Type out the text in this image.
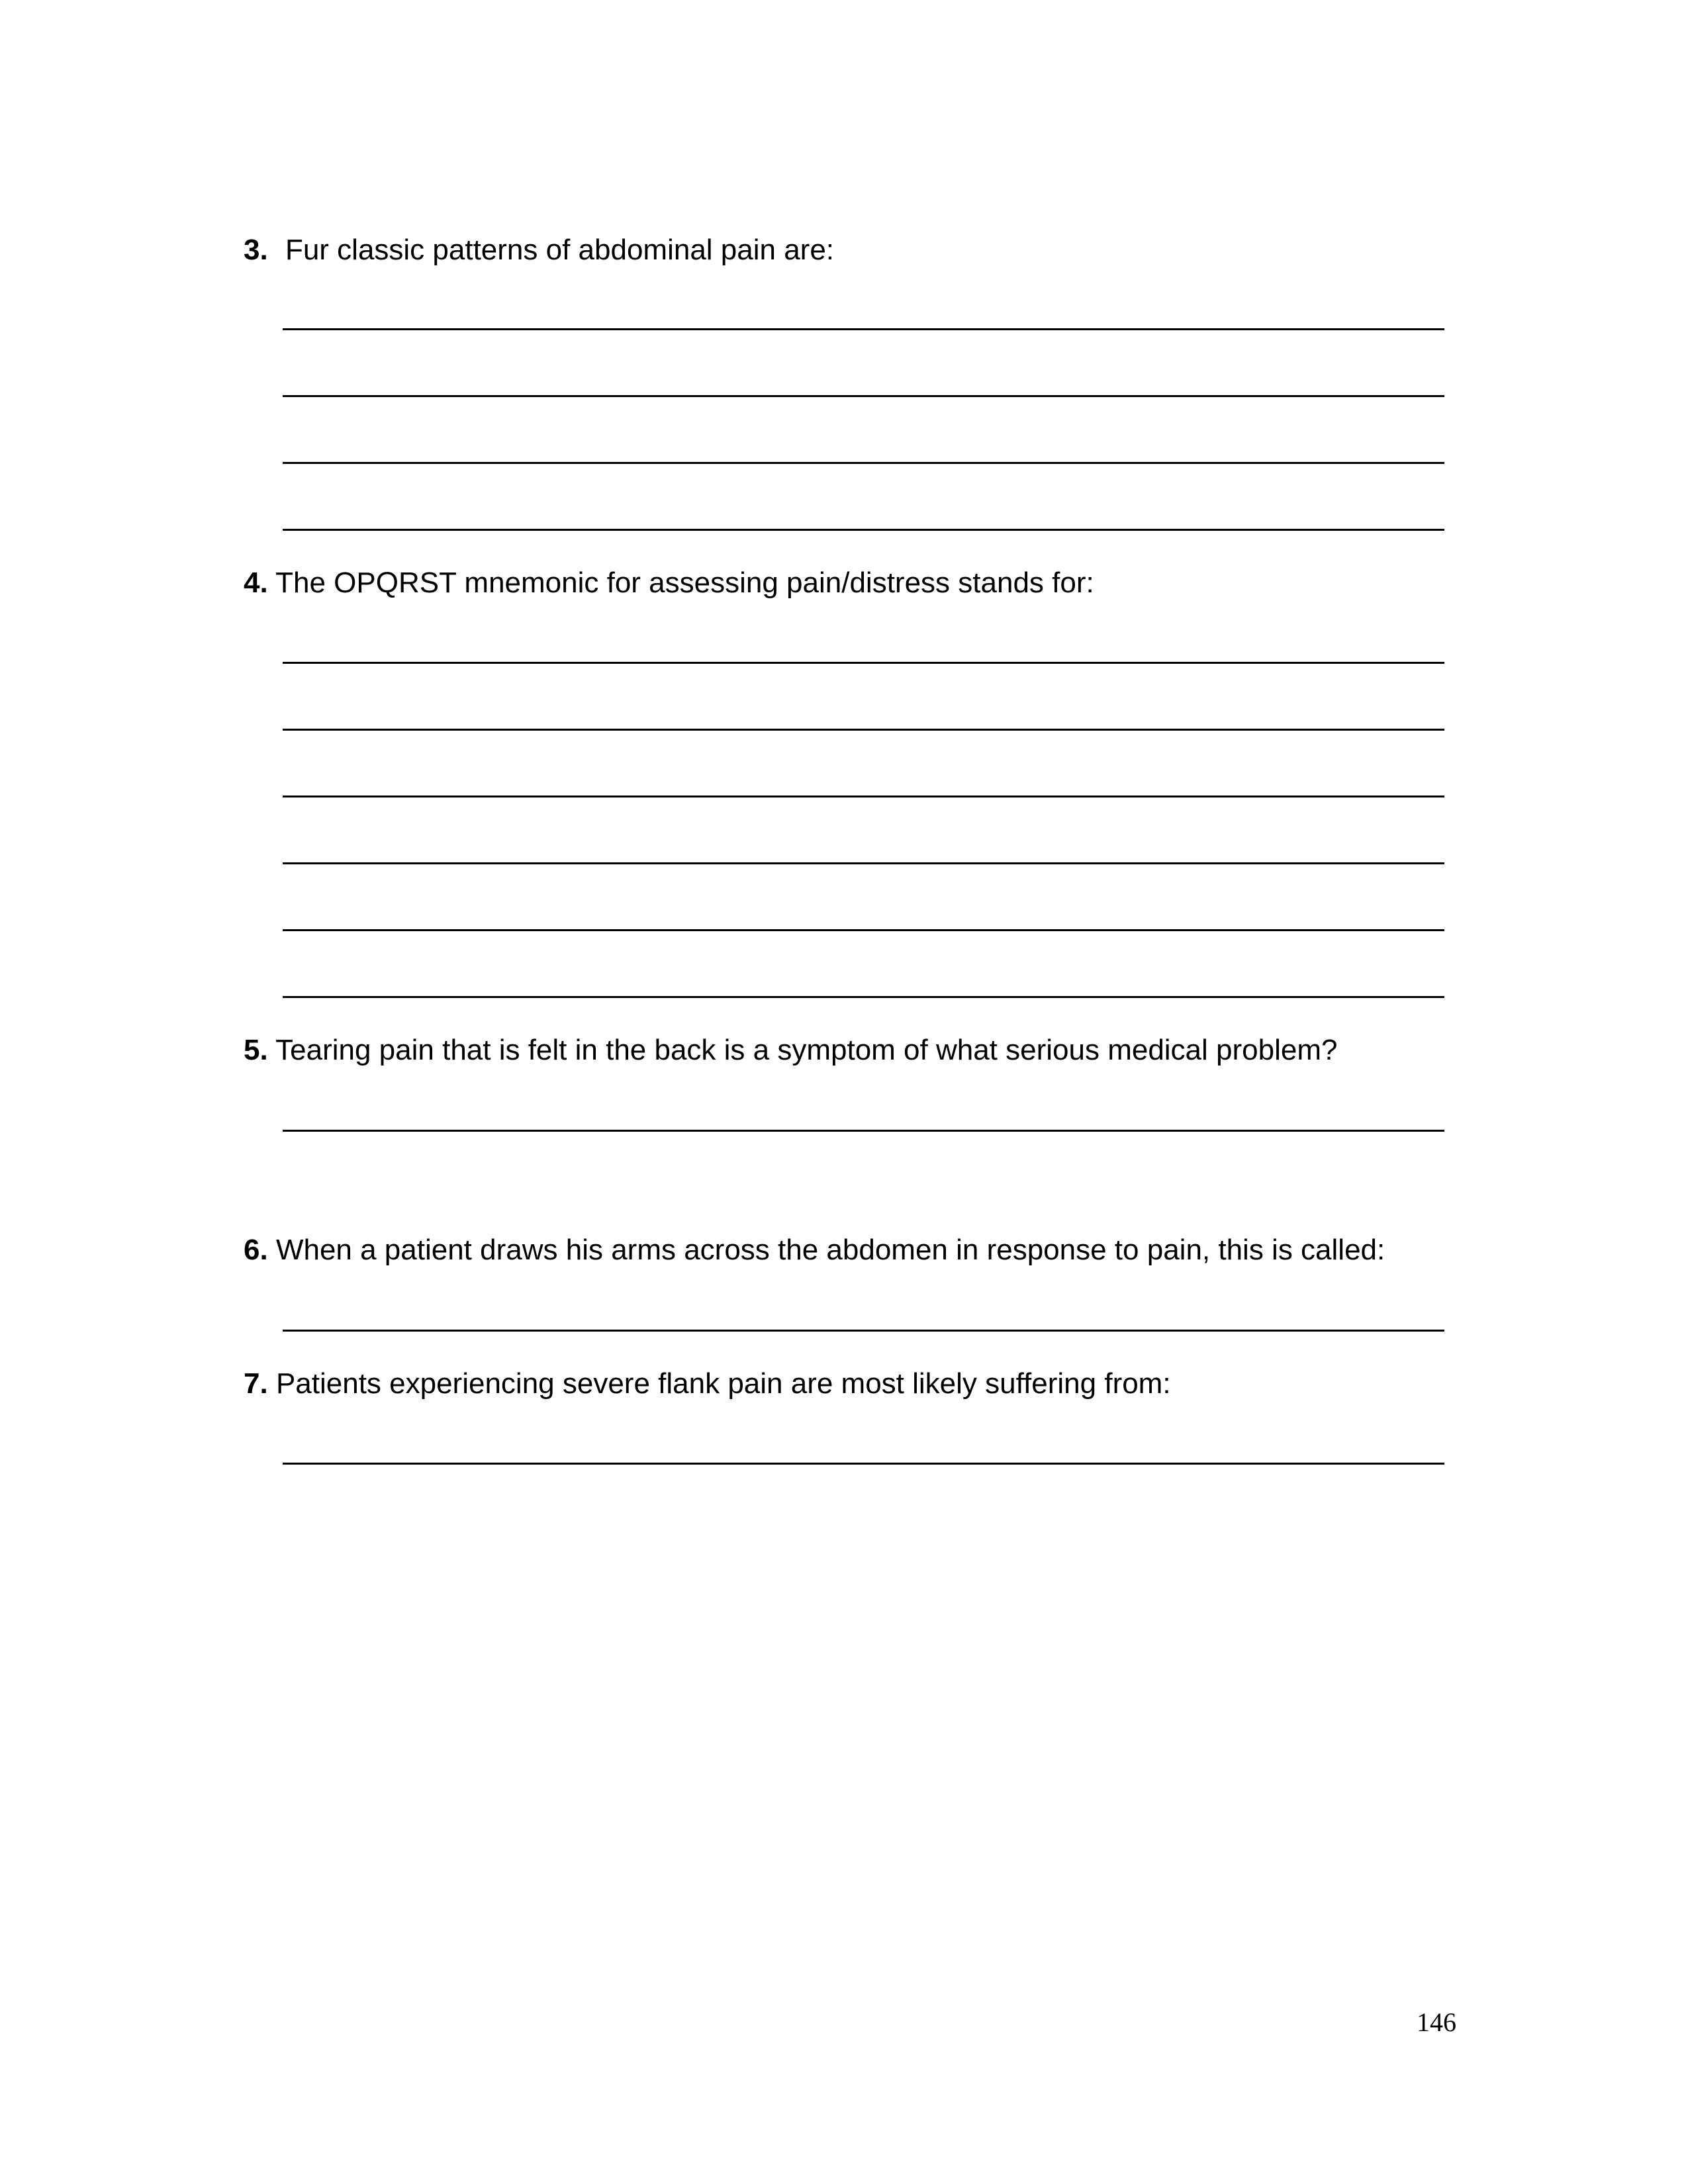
3. Fur classic patterns of abdominal pain are:
4. The OPQRST mnemonic for assessing pain/distress stands for:
5. Tearing pain that is felt in the back is a symptom of what serious medical problem?
6. When a patient draws his arms across the abdomen in response to pain, this is called:
7. Patients experiencing severe flank pain are most likely suffering from:
146
